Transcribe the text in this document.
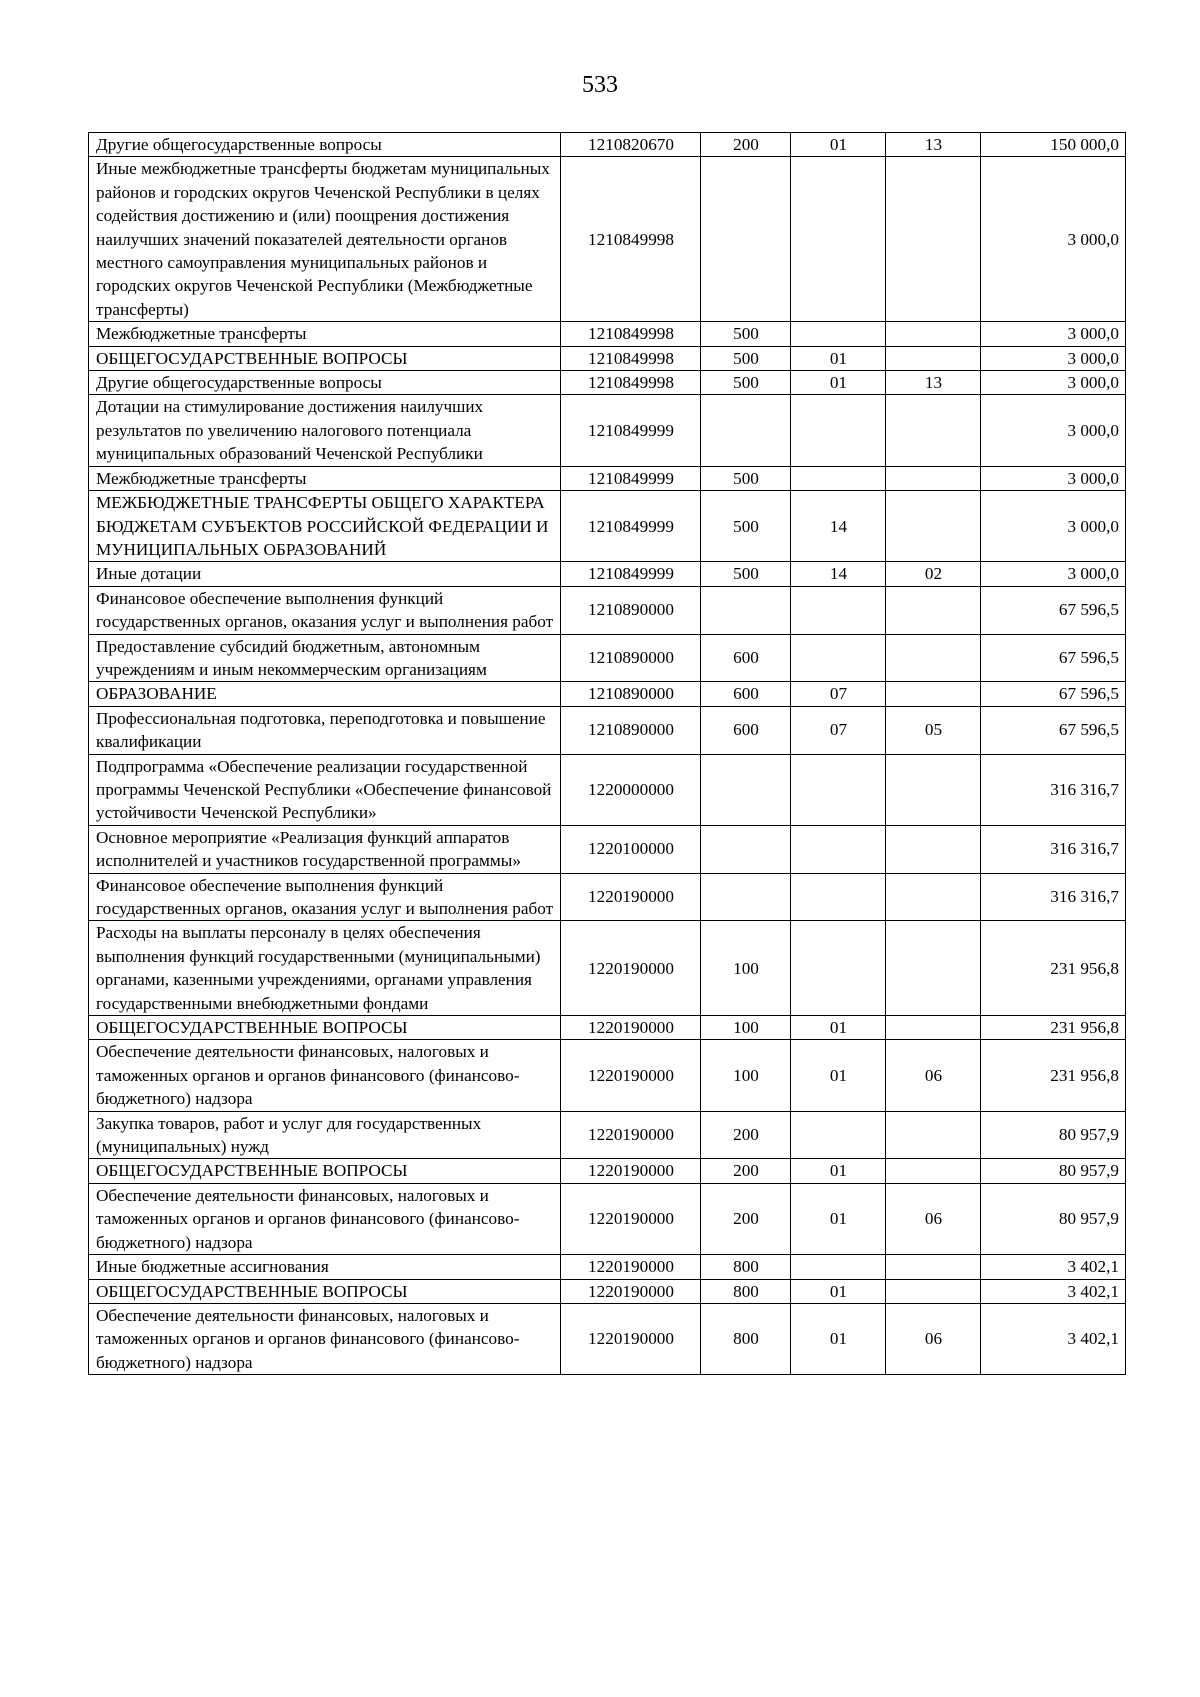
533
Другие общегосударственные вопросы	1210820670	200	01	13	150 000,0
Иные межбюджетные трансферты бюджетам муниципальных районов и городских округов Чеченской Республики в целях содействия достижению и (или) поощрения достижения наилучших значений показателей деятельности органов местного самоуправления муниципальных районов и городских округов Чеченской Республики (Межбюджетные трансферты)	1210849998				3 000,0
Межбюджетные трансферты	1210849998	500			3 000,0
ОБЩЕГОСУДАРСТВЕННЫЕ ВОПРОСЫ	1210849998	500	01		3 000,0
Другие общегосударственные вопросы	1210849998	500	01	13	3 000,0
Дотации на стимулирование достижения наилучших результатов по увеличению налогового потенциала муниципальных образований Чеченской Республики	1210849999				3 000,0
Межбюджетные трансферты	1210849999	500			3 000,0
МЕЖБЮДЖЕТНЫЕ ТРАНСФЕРТЫ ОБЩЕГО ХАРАКТЕРА БЮДЖЕТАМ СУБЪЕКТОВ РОССИЙСКОЙ ФЕДЕРАЦИИ И МУНИЦИПАЛЬНЫХ ОБРАЗОВАНИЙ	1210849999	500	14		3 000,0
Иные дотации	1210849999	500	14	02	3 000,0
Финансовое обеспечение выполнения функций государственных органов, оказания услуг и выполнения работ	1210890000				67 596,5
Предоставление субсидий бюджетным, автономным учреждениям и иным некоммерческим организациям	1210890000	600			67 596,5
ОБРАЗОВАНИЕ	1210890000	600	07		67 596,5
Профессиональная подготовка, переподготовка и повышение квалификации	1210890000	600	07	05	67 596,5
Подпрограмма «Обеспечение реализации государственной программы Чеченской Республики «Обеспечение финансовой устойчивости Чеченской Республики»	1220000000				316 316,7
Основное мероприятие «Реализация функций аппаратов исполнителей и участников государственной программы»	1220100000				316 316,7
Финансовое обеспечение выполнения функций государственных органов, оказания услуг и выполнения работ	1220190000				316 316,7
Расходы на выплаты персоналу в целях обеспечения выполнения функций государственными (муниципальными) органами, казенными учреждениями, органами управления государственными внебюджетными фондами	1220190000	100			231 956,8
ОБЩЕГОСУДАРСТВЕННЫЕ ВОПРОСЫ	1220190000	100	01		231 956,8
Обеспечение деятельности финансовых, налоговых и таможенных органов и органов финансового (финансово-бюджетного) надзора	1220190000	100	01	06	231 956,8
Закупка товаров, работ и услуг для государственных (муниципальных) нужд	1220190000	200			80 957,9
ОБЩЕГОСУДАРСТВЕННЫЕ ВОПРОСЫ	1220190000	200	01		80 957,9
Обеспечение деятельности финансовых, налоговых и таможенных органов и органов финансового (финансово-бюджетного) надзора	1220190000	200	01	06	80 957,9
Иные бюджетные ассигнования	1220190000	800			3 402,1
ОБЩЕГОСУДАРСТВЕННЫЕ ВОПРОСЫ	1220190000	800	01		3 402,1
Обеспечение деятельности финансовых, налоговых и таможенных органов и органов финансового (финансово-бюджетного) надзора	1220190000	800	01	06	3 402,1
